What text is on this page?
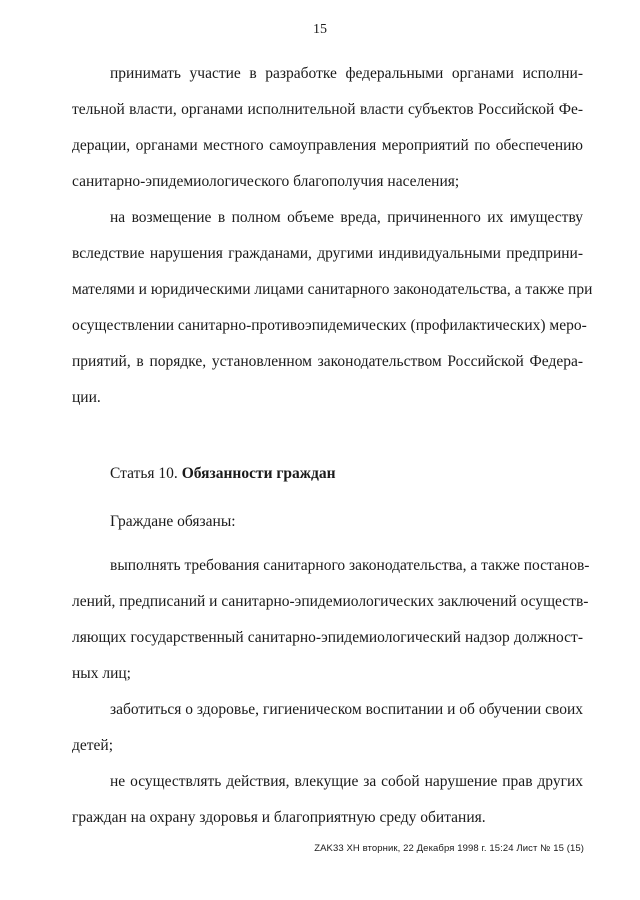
15
принимать участие в разработке федеральными органами исполни-
тельной власти, органами исполнительной власти субъектов Российской Фе-
дерации, органами местного самоуправления мероприятий по обеспечению
санитарно-эпидемиологического благополучия населения;
на возмещение в полном объеме вреда, причиненного их имуществу
вследствие нарушения гражданами, другими индивидуальными предприни-
мателями и юридическими лицами санитарного законодательства, а также при
осуществлении санитарно-противоэпидемических (профилактических) меро-
приятий, в порядке, установленном законодательством Российской Федера-
ции.
Статья 10. Обязанности граждан
Граждане обязаны:
выполнять требования санитарного законодательства, а также постанов-
лений, предписаний и санитарно-эпидемиологических заключений осуществ-
ляющих государственный санитарно-эпидемиологический надзор должност-
ных лиц;
заботиться о здоровье, гигиеническом воспитании и об обучении своих
детей;
не осуществлять действия, влекущие за собой нарушение прав других
граждан на охрану здоровья и благоприятную среду обитания.
ZAK33 XH вторник, 22 Декабря 1998 г. 15:24 Лист № 15 (15)
